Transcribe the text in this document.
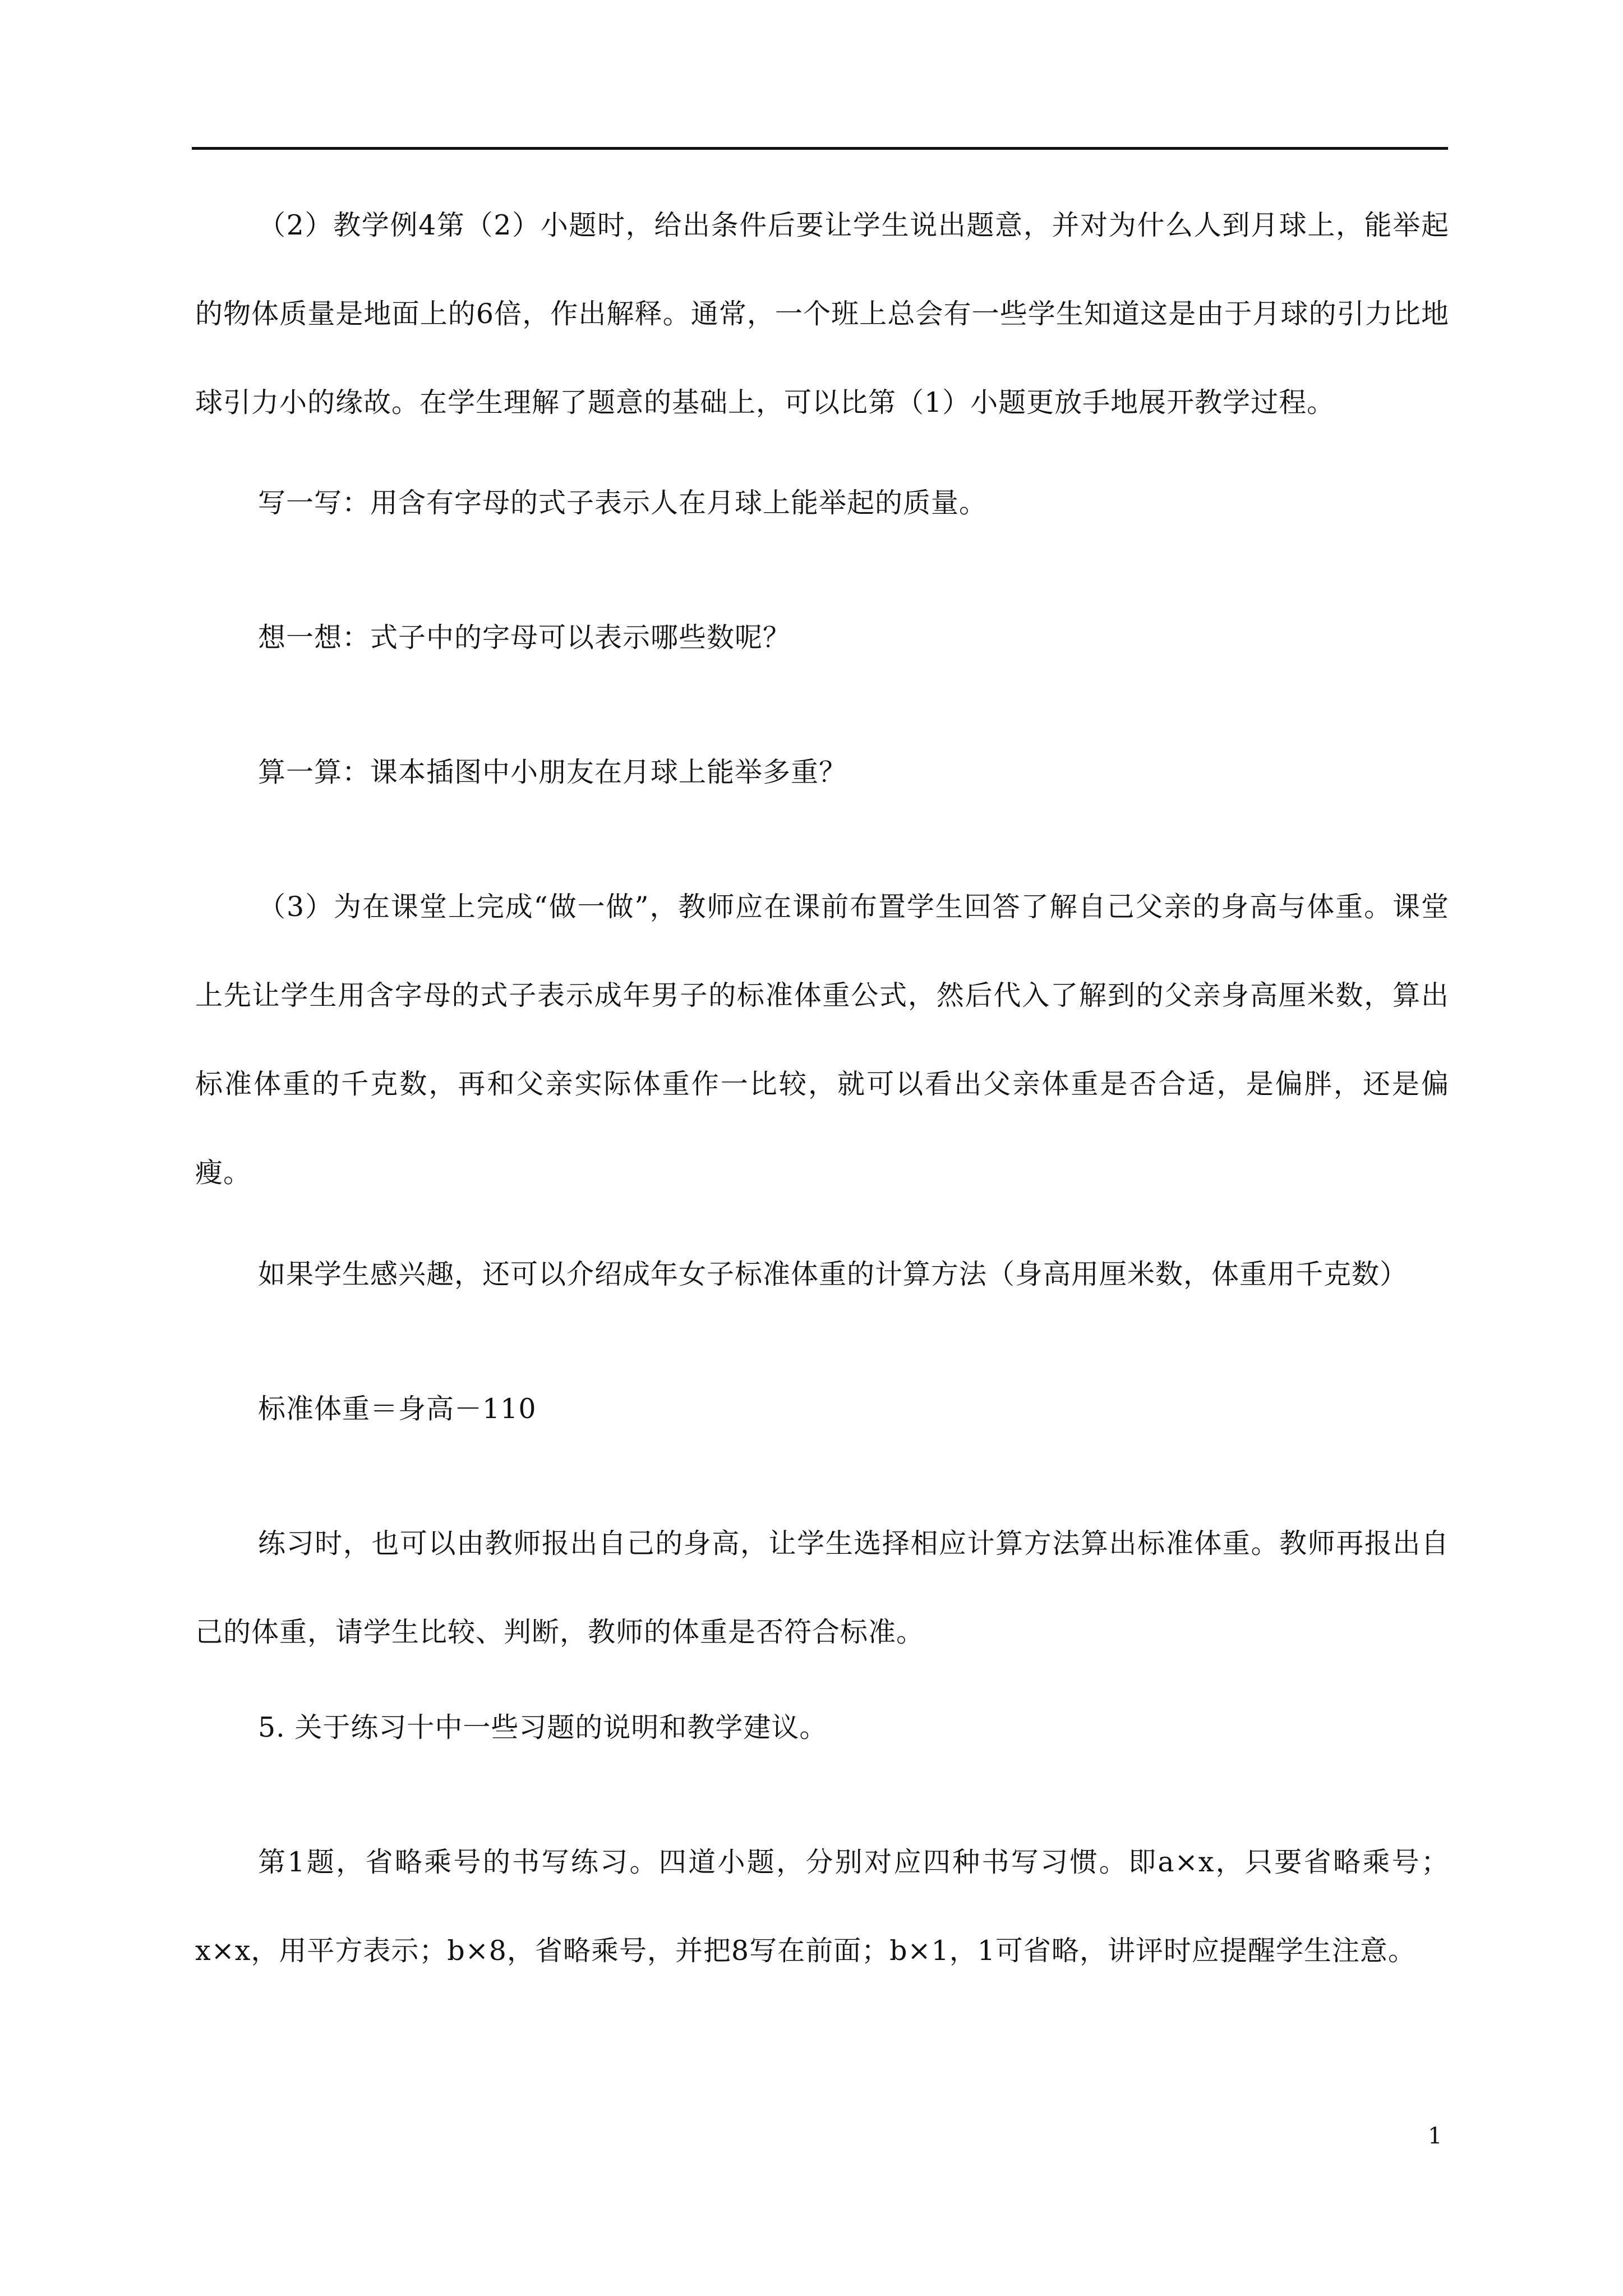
（2）教学例4第（2）小题时，给出条件后要让学生说出题意，并对为什么人到月球上，能举起的物体质量是地面上的6倍，作出解释。通常，一个班上总会有一些学生知道这是由于月球的引力比地球引力小的缘故。在学生理解了题意的基础上，可以比第（1）小题更放手地展开教学过程。

写一写：用含有字母的式子表示人在月球上能举起的质量。

想一想：式子中的字母可以表示哪些数呢？

算一算：课本插图中小朋友在月球上能举多重？

（3）为在课堂上完成“做一做”，教师应在课前布置学生回答了解自己父亲的身高与体重。课堂上先让学生用含字母的式子表示成年男子的标准体重公式，然后代入了解到的父亲身高厘米数，算出标准体重的千克数，再和父亲实际体重作一比较，就可以看出父亲体重是否合适，是偏胖，还是偏瘦。

如果学生感兴趣，还可以介绍成年女子标准体重的计算方法（身高用厘米数，体重用千克数）

标准体重＝身高－110

练习时，也可以由教师报出自己的身高，让学生选择相应计算方法算出标准体重。教师再报出自己的体重，请学生比较、判断，教师的体重是否符合标准。

5. 关于练习十中一些习题的说明和教学建议。

第1题，省略乘号的书写练习。四道小题，分别对应四种书写习惯。即a×x，只要省略乘号；x×x，用平方表示；b×8，省略乘号，并把8写在前面；b×1，1可省略，讲评时应提醒学生注意。

1
